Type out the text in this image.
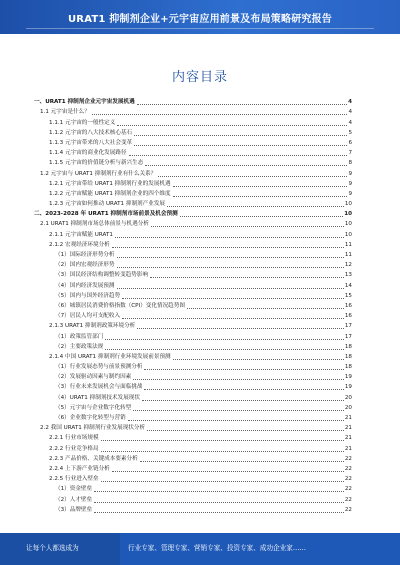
URAT1 抑制剂企业+元宇宙应用前景及布局策略研究报告
内容目录
一、URAT1 抑制剂企业元宇宙发展机遇	4
1.1 元宇宙是什么？	4
1.1.1 元宇宙的一般性定义	4
1.1.2 元宇宙的八大技术核心基石	5
1.1.3 元宇宙带来的八大社会变革	6
1.1.4 元宇宙的商业化发展路径	7
1.1.5 元宇宙的价值链分析与新兴生态	8
1.2 元宇宙与 URAT1 抑制剂行业有什么关系？	9
1.2.1 元宇宙带给 URAT1 抑制剂行业的发展机遇	9
1.2.2 元宇宙赋能 URAT1 抑制剂企业的四个维度	9
1.2.3 元宇宙如何推动 URAT1 抑制剂产业发展	10
二、2023-2028 年 URAT1 抑制剂市场前景及机会预测	10
2.1 URAT1 抑制剂市场总体前景与机遇分析	10
2.1.1 元宇宙赋能 URAT1	10
2.1.2 宏观经济环境分析	11
（1）国际经济形势分析	11
（2）国内宏观经济形势	12
（3）国民经济结构调整转变趋势影响	13
（4）国内经济发展预测	14
（5）国内与国外经济趋势	15
（6）城镇居民消费价格指数（CPI）变化情况趋势图	16
（7）居民人均可支配收入	16
2.1.3 URAT1 抑制剂政策环境分析	17
（1）政策监管部门	17
（2）主要政策法规	18
2.1.4 中国 URAT1 抑制剂行业环境发展前景预测	18
（1）行业发展态势与前景预测分析	18
（2）发展驱动因素与制约因素	19
（3）行业未来发展机会与面临挑战	19
（4）URAT1 抑制剂技术发展现状	20
（5）元宇宙与企业数字化转型	20
（6）企业数字化转型与营销	21
2.2 我国 URAT1 抑制剂行业发展现状分析	21
2.2.1 行业市场规模	21
2.2.2 行业竞争格局	21
2.2.3 产品价格、关键成本要素分析	22
2.2.4 上下游产业链分析	22
2.2.5 行业进入壁垒	22
（1）资金壁垒	22
（2）人才壁垒	22
（3）品牌壁垒	22
让每个人都选成为	行业专家、管理专家、营销专家、投资专家、成功企业家……
